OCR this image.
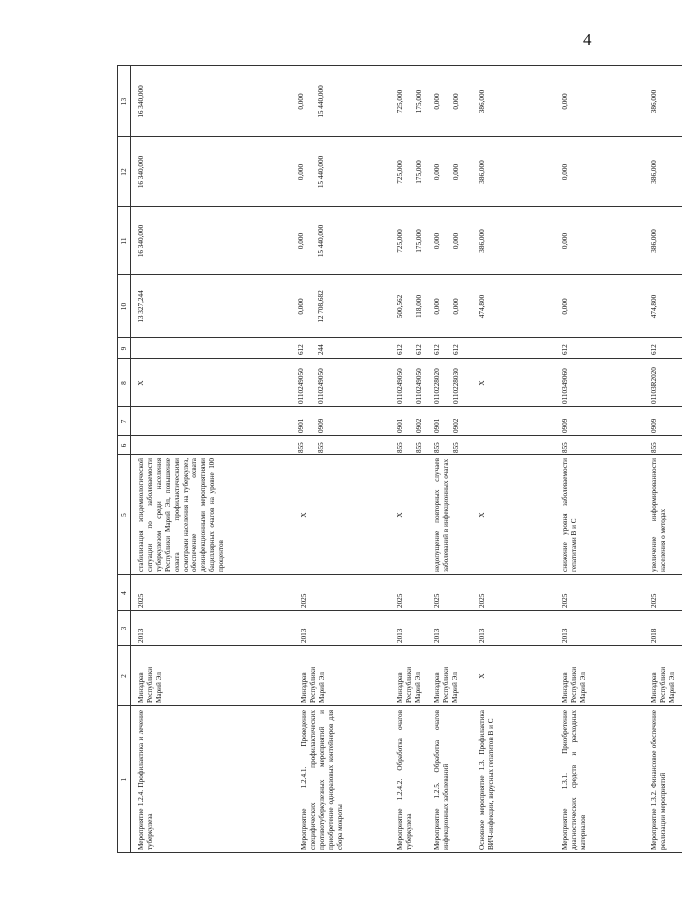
4
1
2
3
4
5
6
7
8
9
10
11
12
13
Мероприятие 1.2.4. Профилактика и лечение туберкулеза
Минздрав Республики Марий Эл
2013
2025
стабилизация эпидемиологической ситуации по заболеваемости туберкулезом среди населения Республики Марий Эл, повышение охвата профилактическими осмотрами населения на туберкулез, обеспечение охвата дезинфекционными мероприятиями бациллярных очагов на уровне 100 процентов
X
13 327,244
16 340,000
16 340,000
16 340,000
855
0901
0110249050
612
0,000
0,000
0,000
0,000
855
0909
0110249050
244
12 708,682
15 440,000
15 440,000
15 440,000
Мероприятие 1.2.4.1. Проведение специфических профилактических противотуберкулезных мероприятий и приобретение одноразовых контейнеров для сбора мокроты
Минздрав Республики Марий Эл
2013
2025
X
Мероприятие 1.2.4.2. Обработка очагов туберкулеза
Минздрав Республики Марий Эл
2013
2025
X
855
0901
0110249050
612
500,562
725,000
725,000
725,000
855
0902
0110249050
612
118,000
175,000
175,000
175,000
Мероприятие 1.2.5. Обработка очагов инфекционных заболеваний
Минздрав Республики Марий Эл
2013
2025
недопущение повторных случаев заболеваний в инфекционных очагах
855
0901
0110228020
612
0,000
0,000
0,000
0,000
855
0902
0110228030
612
0,000
0,000
0,000
0,000
Основное мероприятие 1.3. Профилактика ВИЧ-инфекции, вирусных гепатитов В и С
X
2013
2025
X
X
474,800
386,000
386,000
386,000
Мероприятие 1.3.1. Приобретение диагностических средств и расходных материалов
Минздрав Республики Марий Эл
2013
2025
снижение уровня заболеваемости гепатитами В и С
855
0909
0110349060
612
0,000
0,000
0,000
0,000
Мероприятие 1.3.2. Финансовое обеспечение реализации мероприятий
Минздрав Республики Марий Эл
2018
2025
увеличение информированности населения о методах
855
0909
01103R2020
612
474,800
386,000
386,000
386,000
